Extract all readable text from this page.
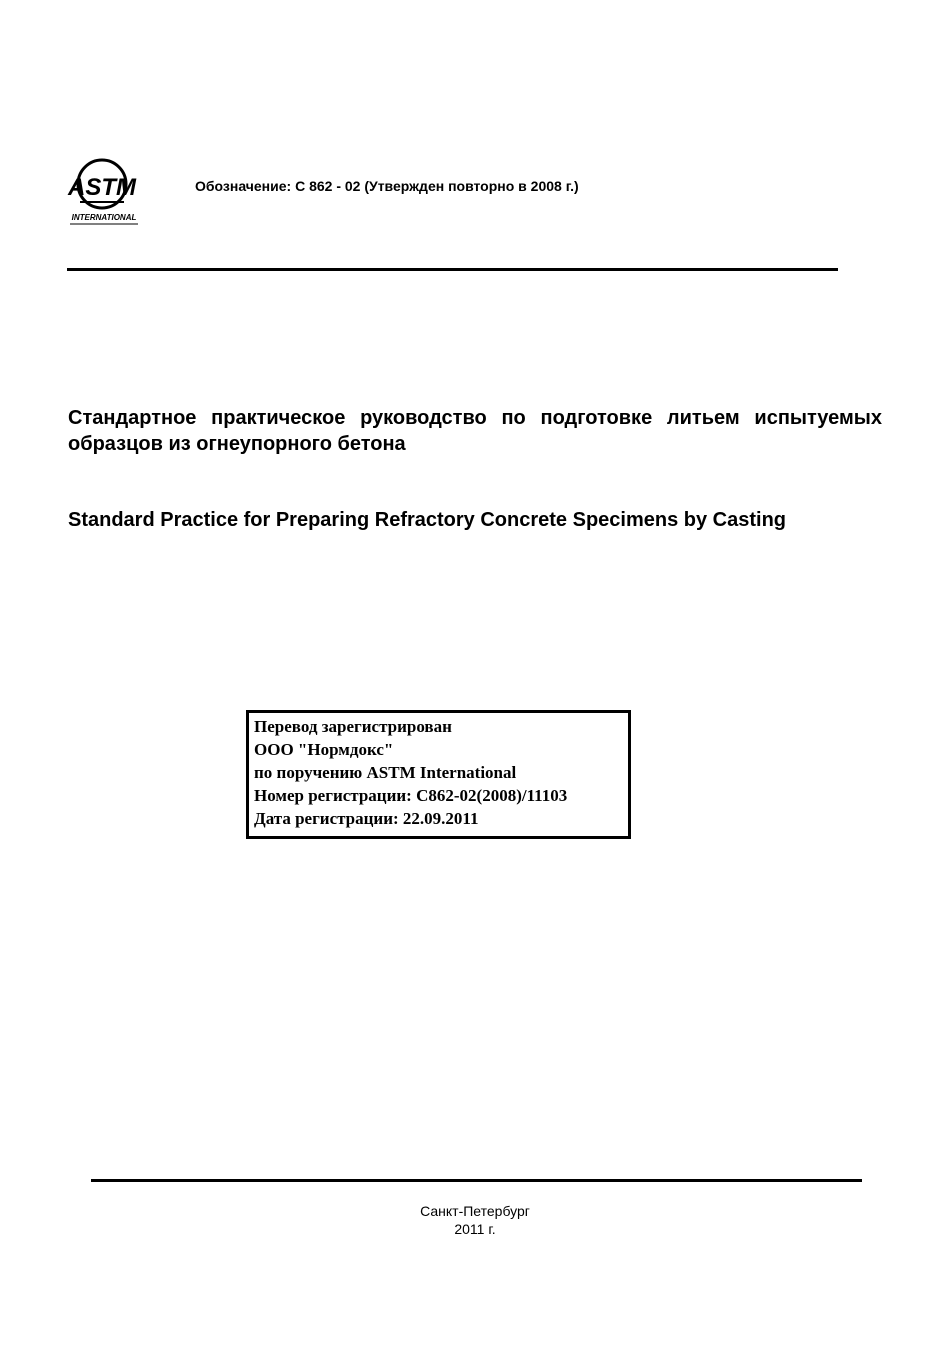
ASTM
INTERNATIONAL
Обозначение: C 862 - 02 (Утвержден повторно в 2008 г.)
Стандартное практическое руководство по подготовке литьем испытуемых образцов из огнеупорного бетона
Standard Practice for Preparing Refractory Concrete Specimens by Casting
Перевод зарегистрирован
ООО "Нормдокс"
по поручению ASTM International
Номер регистрации: C862-02(2008)/11103
Дата регистрации: 22.09.2011
Санкт-Петербург
2011 г.
